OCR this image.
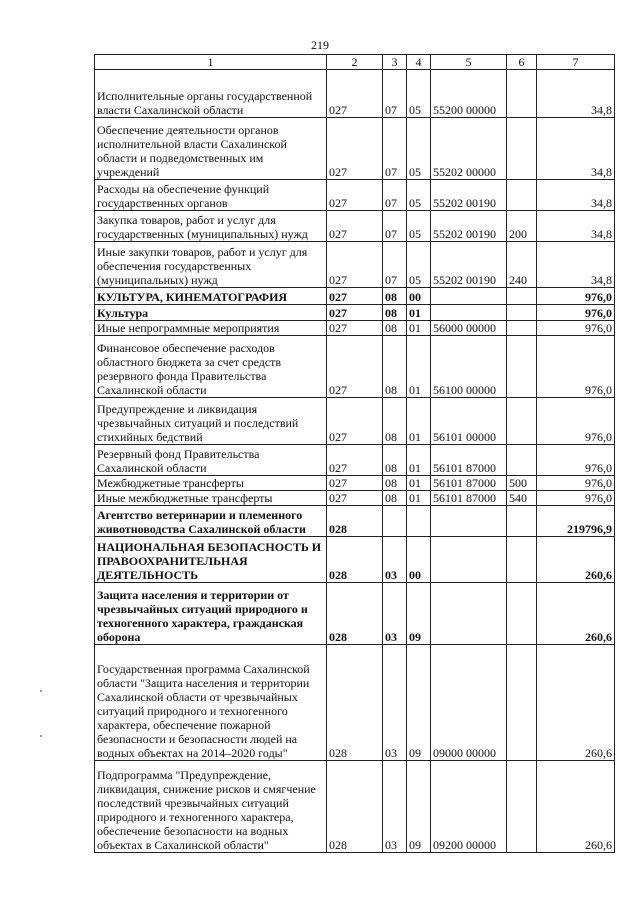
219
1	2	3	4	5	6	7
Исполнительные органы государственной власти Сахалинской области	027	07	05	55200 00000		34,8
Обеспечение деятельности органов исполнительной власти Сахалинской области и подведомственных им учреждений	027	07	05	55202 00000		34,8
Расходы на обеспечение функций государственных органов	027	07	05	55202 00190		34,8
Закупка товаров, работ и услуг для государственных (муниципальных) нужд	027	07	05	55202 00190	200	34,8
Иные закупки товаров, работ и услуг для обеспечения государственных (муниципальных) нужд	027	07	05	55202 00190	240	34,8
КУЛЬТУРА, КИНЕМАТОГРАФИЯ	027	08	00			976,0
Культура	027	08	01			976,0
Иные непрограммные мероприятия	027	08	01	56000 00000		976,0
Финансовое обеспечение расходов областного бюджета за счет средств резервного фонда Правительства Сахалинской области	027	08	01	56100 00000		976,0
Предупреждение и ликвидация чрезвычайных ситуаций и последствий стихийных бедствий	027	08	01	56101 00000		976,0
Резервный фонд Правительства Сахалинской области	027	08	01	56101 87000		976,0
Межбюджетные трансферты	027	08	01	56101 87000	500	976,0
Иные межбюджетные трансферты	027	08	01	56101 87000	540	976,0
Агентство ветеринарии и племенного животноводства Сахалинской области	028					219796,9
НАЦИОНАЛЬНАЯ БЕЗОПАСНОСТЬ И ПРАВООХРАНИТЕЛЬНАЯ ДЕЯТЕЛЬНОСТЬ	028	03	00			260,6
Защита населения и территории от чрезвычайных ситуаций природного и техногенного характера, гражданская оборона	028	03	09			260,6
Государственная программа Сахалинской области "Защита населения и территории Сахалинской области от чрезвычайных ситуаций природного и техногенного характера, обеспечение пожарной безопасности и безопасности людей на водных объектах на 2014–2020 годы"	028	03	09	09000 00000		260,6
Подпрограмма "Предупреждение, ликвидация, снижение рисков и смягчение последствий чрезвычайных ситуаций природного и техногенного характера, обеспечение безопасности на водных объектах в Сахалинской области"	028	03	09	09200 00000		260,6
